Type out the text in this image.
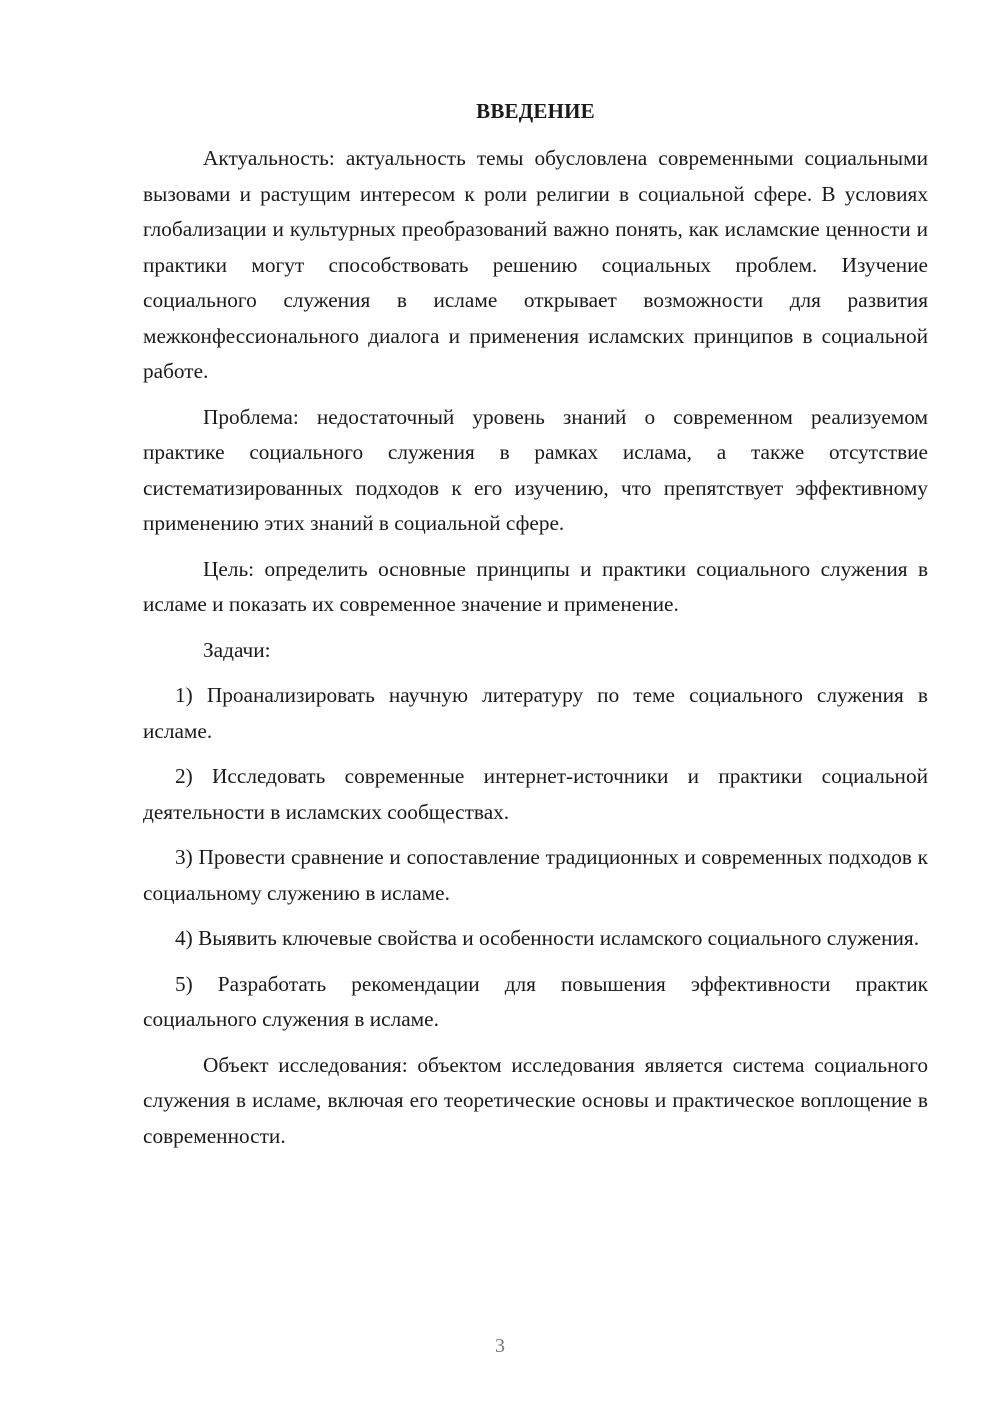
ВВЕДЕНИЕ

Актуальность: актуальность темы обусловлена современными социальными вызовами и растущим интересом к роли религии в социальной сфере. В условиях глобализации и культурных преобразований важно понять, как исламские ценности и практики могут способствовать решению социальных проблем. Изучение социального служения в исламе открывает возможности для развития межконфессионального диалога и применения исламских принципов в социальной работе.

Проблема: недостаточный уровень знаний о современном реализуемом практике социального служения в рамках ислама, а также отсутствие систематизированных подходов к его изучению, что препятствует эффективному применению этих знаний в социальной сфере.

Цель: определить основные принципы и практики социального служения в исламе и показать их современное значение и применение.

Задачи:

1) Проанализировать научную литературу по теме социального служения в исламе.

2) Исследовать современные интернет-источники и практики социальной деятельности в исламских сообществах.

3) Провести сравнение и сопоставление традиционных и современных подходов к социальному служению в исламе.

4) Выявить ключевые свойства и особенности исламского социального служения.

5) Разработать рекомендации для повышения эффективности практик социального служения в исламе.

Объект исследования: объектом исследования является система социального служения в исламе, включая его теоретические основы и практическое воплощение в современности.

3
